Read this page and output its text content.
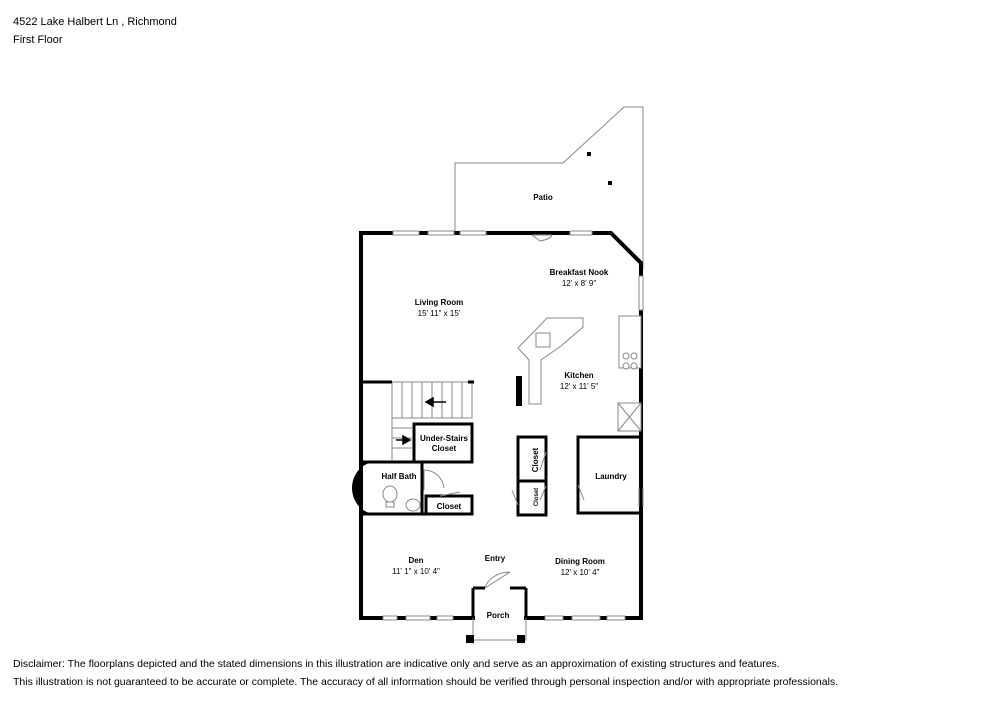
4522 Lake Halbert Ln , Richmond
First Floor
Patio
Breakfast Nook
12' x 8' 9"
Living Room
15' 11" x 15'
Kitchen
12' x 11' 5"
Under-Stairs
Closet	Closet
Closet
Laundry
Half Bath
Closet
Den
11' 1" x 10' 4"
Entry	Dining Room
12' x 10' 4"
Porch
Disclaimer: The floorplans depicted and the stated dimensions in this illustration are indicative only and serve as an approximation of existing structures and features.
This illustration is not guaranteed to be accurate or complete. The accuracy of all information should be verified through personal inspection and/or with appropriate professionals.
